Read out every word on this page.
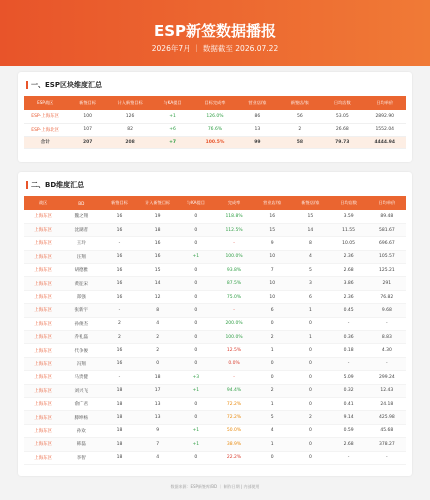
ESP新签数据播报
2026年7月 ｜ 数据截至 2026.07.22
一、ESP区块维度汇总
ESP战区	新签目标	计入新签目标	与KA提目	目标完成率	营业店/家	新签店/家	日均店数	日均单价
ESP-上海东区	100	126	+1	126.0%	86	56	53.05	2892.90
ESP-上海北区	107	82	+6	76.6%	13	2	26.68	1552.04
合计	207	208	+7	100.5%	99	58	79.73	4444.94
二、BD维度汇总
战区	BD	新签目标	计入新签目标	与KA提目	完成率	营业店/家	新签店/家	日均店数	日均单价
上海东区	魏之翔	16	19	0	118.8%	16	15	3.59	89.48
上海东区	沈湖者	16	18	0	112.5%	15	14	11.55	581.67
上海东区	王玲	-	16	0	-	9	8	10.05	696.67
上海东区	汪翔	16	16	+1	100.0%	10	4	2.36	105.57
上海东区	胡德雅	16	15	0	93.8%	7	5	2.68	125.21
上海东区	黄征宋	16	14	0	87.5%	10	3	3.86	291
上海东区	郑强	16	12	0	75.0%	10	6	2.36	76.82
上海东区	张新宇	-	8	0	-	6	1	0.45	9.68
上海东区	孙俊杰	2	4	0	200.0%	0	0	-	-
上海东区	乔礼磊	2	2	0	100.0%	2	1	0.36	8.83
上海东区	代争俊	16	2	0	12.5%	1	0	0.18	4.30
上海东区	冯翔	16	0	0	0.0%	0	0	-	-
上海东区	马贵健	-	18	+3	-	0	0	5.09	299.24
上海东区	刘兴飞	18	17	+1	94.4%	2	0	0.32	12.43
上海东区	俞广君	18	13	0	72.2%	1	0	0.41	24.18
上海东区	滕坤杨	18	13	0	72.2%	5	2	9.14	425.98
上海东区	孙欢	18	9	+1	50.0%	4	0	0.59	45.68
上海东区	韩磊	18	7	+1	38.9%	1	0	2.68	378.27
上海东区	李智	18	4	0	22.2%	0	0	-	-
数据来源：ESP新签库/BD ｜ 制作日期 | 内部使用
